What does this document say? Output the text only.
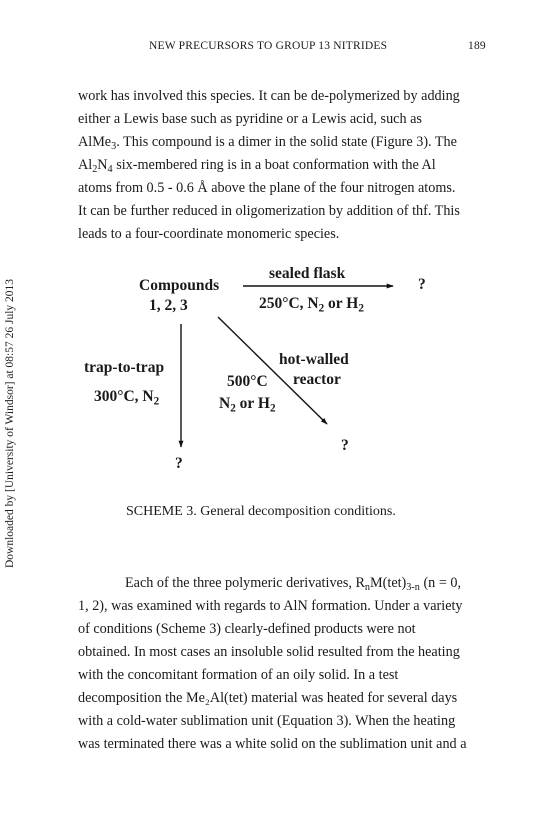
NEW PRECURSORS TO GROUP 13 NITRIDES	189
Downloaded by [University of Windsor] at 08:57 26 July 2013
work has involved this species. It can be de-polymerized by adding
either a Lewis base such as pyridine or a Lewis acid, such as
AlMe$_3$. This compound is a dimer in the solid state (Figure 3). The
$Al_2N_4$ six-membered ring is in a boat conformation with the Al
atoms from 0.5 - 0.6 Å above the plane of the four nitrogen atoms.
It can be further reduced in oligomerization by addition of thf. This
leads to a four-coordinate monomeric species.
Compounds
1, 2, 3
sealed flask
250°C, $N_2$ or $H_2$
?
hot-walled
reactor
500°C
$N_2$ or $H_2$
?
trap-to-trap
300°C, $N_2$
?
SCHEME 3. General decomposition conditions.
Each of the three polymeric derivatives, $R_nM(tet)_{3-n}$ (n = 0,
1, 2), was examined with regards to AlN formation. Under a variety
of conditions (Scheme 3) clearly-defined products were not
obtained. In most cases an insoluble solid resulted from the heating
with the concomitant formation of an oily solid. In a test
decomposition the Me₂Al(tet) material was heated for several days
with a cold-water sublimation unit (Equation 3). When the heating
was terminated there was a white solid on the sublimation unit and a
